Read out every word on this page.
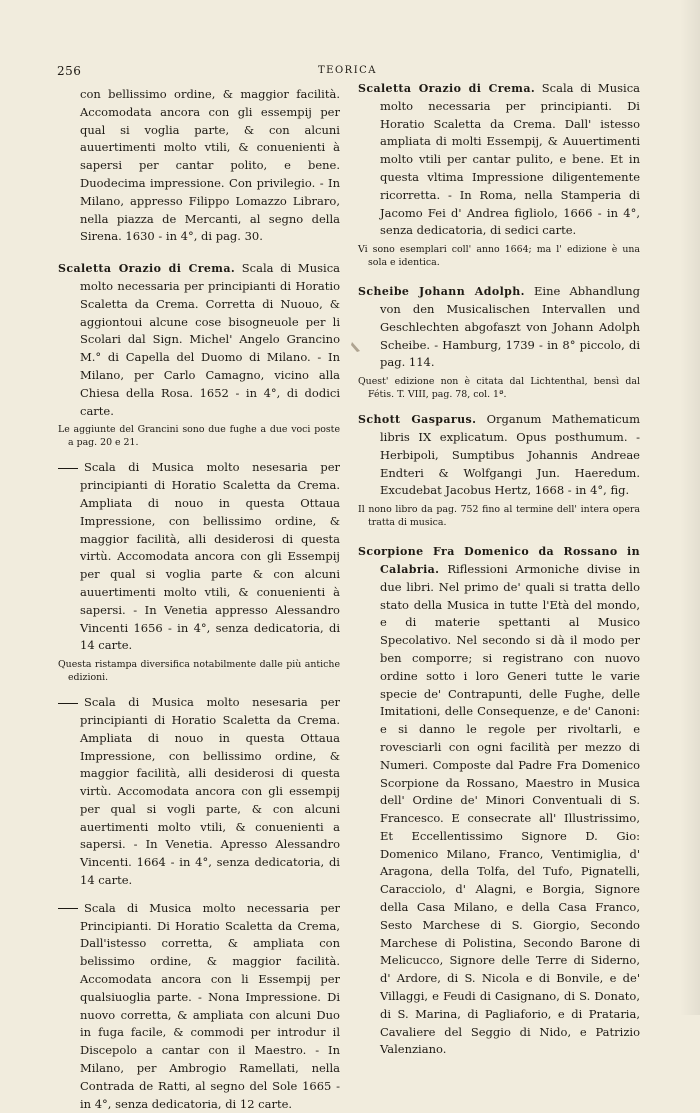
256	TEORICA

con bellissimo ordine, & maggior facilità. Accomodata ancora con gli essempij per qual si voglia parte, & con alcuni auuertimenti molto vtili, & conuenienti à sapersi per cantar polito, e bene. Duodecima impressione. Con privilegio. - In Milano, appresso Filippo Lomazzo Libraro, nella piazza de Mercanti, al segno della Sirena. 1630 - in 4°, di pag. 30.

Scaletta Orazio di Crema. Scala di Musica molto necessaria per principianti di Horatio Scaletta da Crema. Corretta di Nuouo, & aggiontoui alcune cose bisogneuole per li Scolari dal Sign. Michel' Angelo Grancino M.° di Capella del Duomo di Milano. - In Milano, per Carlo Camagno, vicino alla Chiesa della Rosa. 1652 - in 4°, di dodici carte.

Le aggiunte del Grancini sono due fughe a due voci poste a pag. 20 e 21.

Scala di Musica molto nesesaria per principianti di Horatio Scaletta da Crema. Ampliata di nouo in questa Ottaua Impressione, con bellissimo ordine, & maggior facilità, alli desiderosi di questa virtù. Accomodata ancora con gli Essempij per qual si voglia parte & con alcuni auuertimenti molto vtili, & conuenienti à sapersi. - In Venetia appresso Alessandro Vincenti 1656 - in 4°, senza dedicatoria, di 14 carte.

Questa ristampa diversifica notabilmente dalle più antiche edizioni.

Scala di Musica molto nesesaria per principianti di Horatio Scaletta da Crema. Ampliata di nouo in questa Ottaua Impressione, con bellissimo ordine, & maggior facilità, alli desiderosi di questa virtù. Accomodata ancora con gli essempij per qual si vogli parte, & con alcuni auertimenti molto vtili, & conuenienti a sapersi. - In Venetia. Apresso Alessandro Vincenti. 1664 - in 4°, senza dedicatoria, di 14 carte.

Scala di Musica molto necessaria per Principianti. Di Horatio Scaletta da Crema, Dall'istesso corretta, & ampliata con belissimo ordine, & maggior facilità. Accomodata ancora con li Essempij per qualsiuoglia parte. - Nona Impressione. Di nuovo corretta, & ampliata con alcuni Duo in fuga facile, & commodi per introdur il Discepolo a cantar con il Maestro. - In Milano, per Ambrogio Ramellati, nella Contrada de Ratti, al segno del Sole 1665 - in 4°, senza dedicatoria, di 12 carte.

Scaletta Orazio di Crema. Scala di Musica molto necessaria per principianti. Di Horatio Scaletta da Crema. Dall' istesso ampliata di molti Essempij, & Auuertimenti molto vtili per cantar pulito, e bene. Et in questa vltima Impressione diligentemente ricorretta. - In Roma, nella Stamperia di Jacomo Fei d' Andrea figliolo, 1666 - in 4°, senza dedicatoria, di sedici carte.

Vi sono esemplari coll' anno 1664; ma l' edizione è una sola e identica.

Scheibe Johann Adolph. Eine Abhandlung von den Musicalischen Intervallen und Geschlechten abgofaszt von Johann Adolph Scheibe. - Hamburg, 1739 - in 8° piccolo, di pag. 114.

Quest' edizione non è citata dal Lichtenthal, bensì dal Fétis. T. VIII, pag. 78, col. 1ª.

Schott Gasparus. Organum Mathematicum libris IX explicatum. Opus posthumum. - Herbipoli, Sumptibus Johannis Andreae Endteri & Wolfgangi Jun. Haeredum. Excudebat Jacobus Hertz, 1668 - in 4°, fig.

Il nono libro da pag. 752 fino al termine dell' intera opera tratta di musica.

Scorpione Fra Domenico da Rossano in Calabria. Riflessioni Armoniche divise in due libri. Nel primo de' quali si tratta dello stato della Musica in tutte l'Età del mondo, e di materie spettanti al Musico Specolativo. Nel secondo si dà il modo per ben comporre; si registrano con nuovo ordine sotto i loro Generi tutte le varie specie de' Contrapunti, delle Fughe, delle Imitationi, delle Consequenze, e de' Canoni: e si danno le regole per rivoltarli, e rovesciarli con ogni facilità per mezzo di Numeri. Composte dal Padre Fra Domenico Scorpione da Rossano, Maestro in Musica dell' Ordine de' Minori Conventuali di S. Francesco. E consecrate all' Illustrissimo, Et Eccellentissimo Signore D. Gio: Domenico Milano, Franco, Ventimiglia, d' Aragona, della Tolfa, del Tufo, Pignatelli, Caracciolo, d' Alagni, e Borgia, Signore della Casa Milano, e della Casa Franco, Sesto Marchese di S. Giorgio, Secondo Marchese di Polistina, Secondo Barone di Melicucco, Signore delle Terre di Siderno, d' Ardore, di S. Nicola e di Bonvile, e de' Villaggi, e Feudi di Casignano, di S. Donato, di S. Marina, di Pagliaforio, e di Prataria, Cavaliere del Seggio di Nido, e Patrizio Valenziano.
